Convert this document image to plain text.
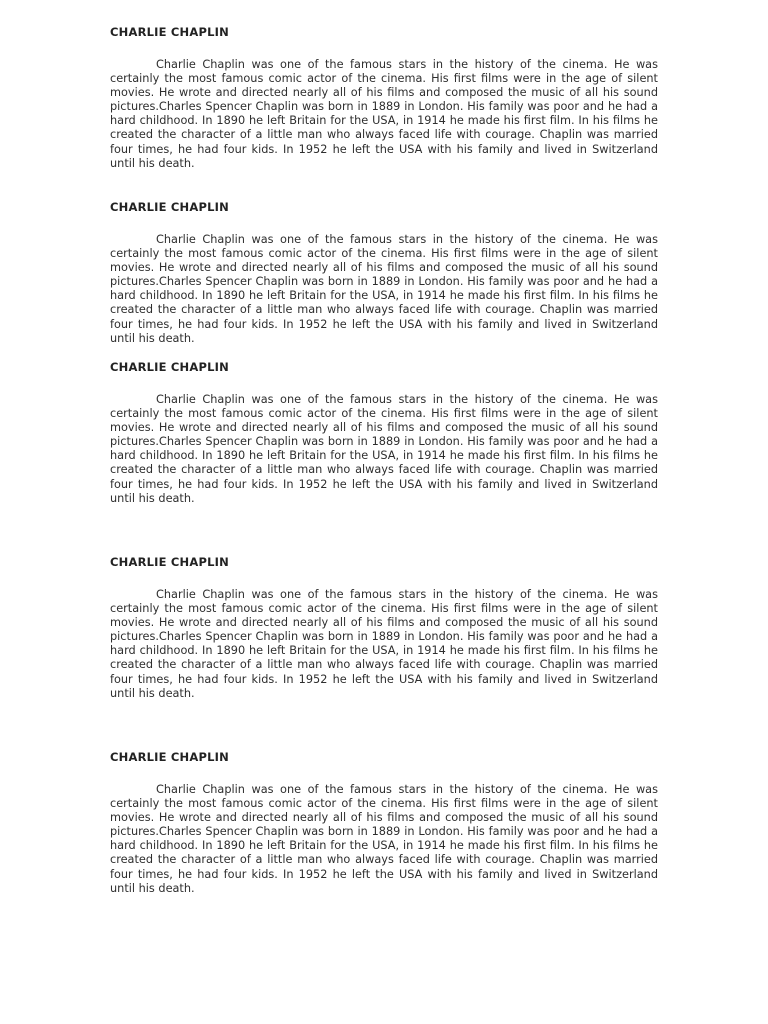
CHARLIE CHAPLIN

Charlie Chaplin was one of the famous stars in the history of the cinema. He was certainly the most famous comic actor of the cinema. His first films were in the age of silent movies. He wrote and directed nearly all of his films and composed the music of all his sound pictures.Charles Spencer Chaplin was born in 1889 in London. His family was poor and he had a hard childhood. In 1890 he left Britain for the USA, in 1914 he made his first film. In his films he created the character of a little man who always faced life with courage. Chaplin was married four times, he had four kids. In 1952 he left the USA with his family and lived in Switzerland until his death.

CHARLIE CHAPLIN

Charlie Chaplin was one of the famous stars in the history of the cinema. He was certainly the most famous comic actor of the cinema. His first films were in the age of silent movies. He wrote and directed nearly all of his films and composed the music of all his sound pictures.Charles Spencer Chaplin was born in 1889 in London. His family was poor and he had a hard childhood. In 1890 he left Britain for the USA, in 1914 he made his first film. In his films he created the character of a little man who always faced life with courage. Chaplin was married four times, he had four kids. In 1952 he left the USA with his family and lived in Switzerland until his death.

CHARLIE CHAPLIN

Charlie Chaplin was one of the famous stars in the history of the cinema. He was certainly the most famous comic actor of the cinema. His first films were in the age of silent movies. He wrote and directed nearly all of his films and composed the music of all his sound pictures.Charles Spencer Chaplin was born in 1889 in London. His family was poor and he had a hard childhood. In 1890 he left Britain for the USA, in 1914 he made his first film. In his films he created the character of a little man who always faced life with courage. Chaplin was married four times, he had four kids. In 1952 he left the USA with his family and lived in Switzerland until his death.

CHARLIE CHAPLIN

Charlie Chaplin was one of the famous stars in the history of the cinema. He was certainly the most famous comic actor of the cinema. His first films were in the age of silent movies. He wrote and directed nearly all of his films and composed the music of all his sound pictures.Charles Spencer Chaplin was born in 1889 in London. His family was poor and he had a hard childhood. In 1890 he left Britain for the USA, in 1914 he made his first film. In his films he created the character of a little man who always faced life with courage. Chaplin was married four times, he had four kids. In 1952 he left the USA with his family and lived in Switzerland until his death.

CHARLIE CHAPLIN

Charlie Chaplin was one of the famous stars in the history of the cinema. He was certainly the most famous comic actor of the cinema. His first films were in the age of silent movies. He wrote and directed nearly all of his films and composed the music of all his sound pictures.Charles Spencer Chaplin was born in 1889 in London. His family was poor and he had a hard childhood. In 1890 he left Britain for the USA, in 1914 he made his first film. In his films he created the character of a little man who always faced life with courage. Chaplin was married four times, he had four kids. In 1952 he left the USA with his family and lived in Switzerland until his death.
